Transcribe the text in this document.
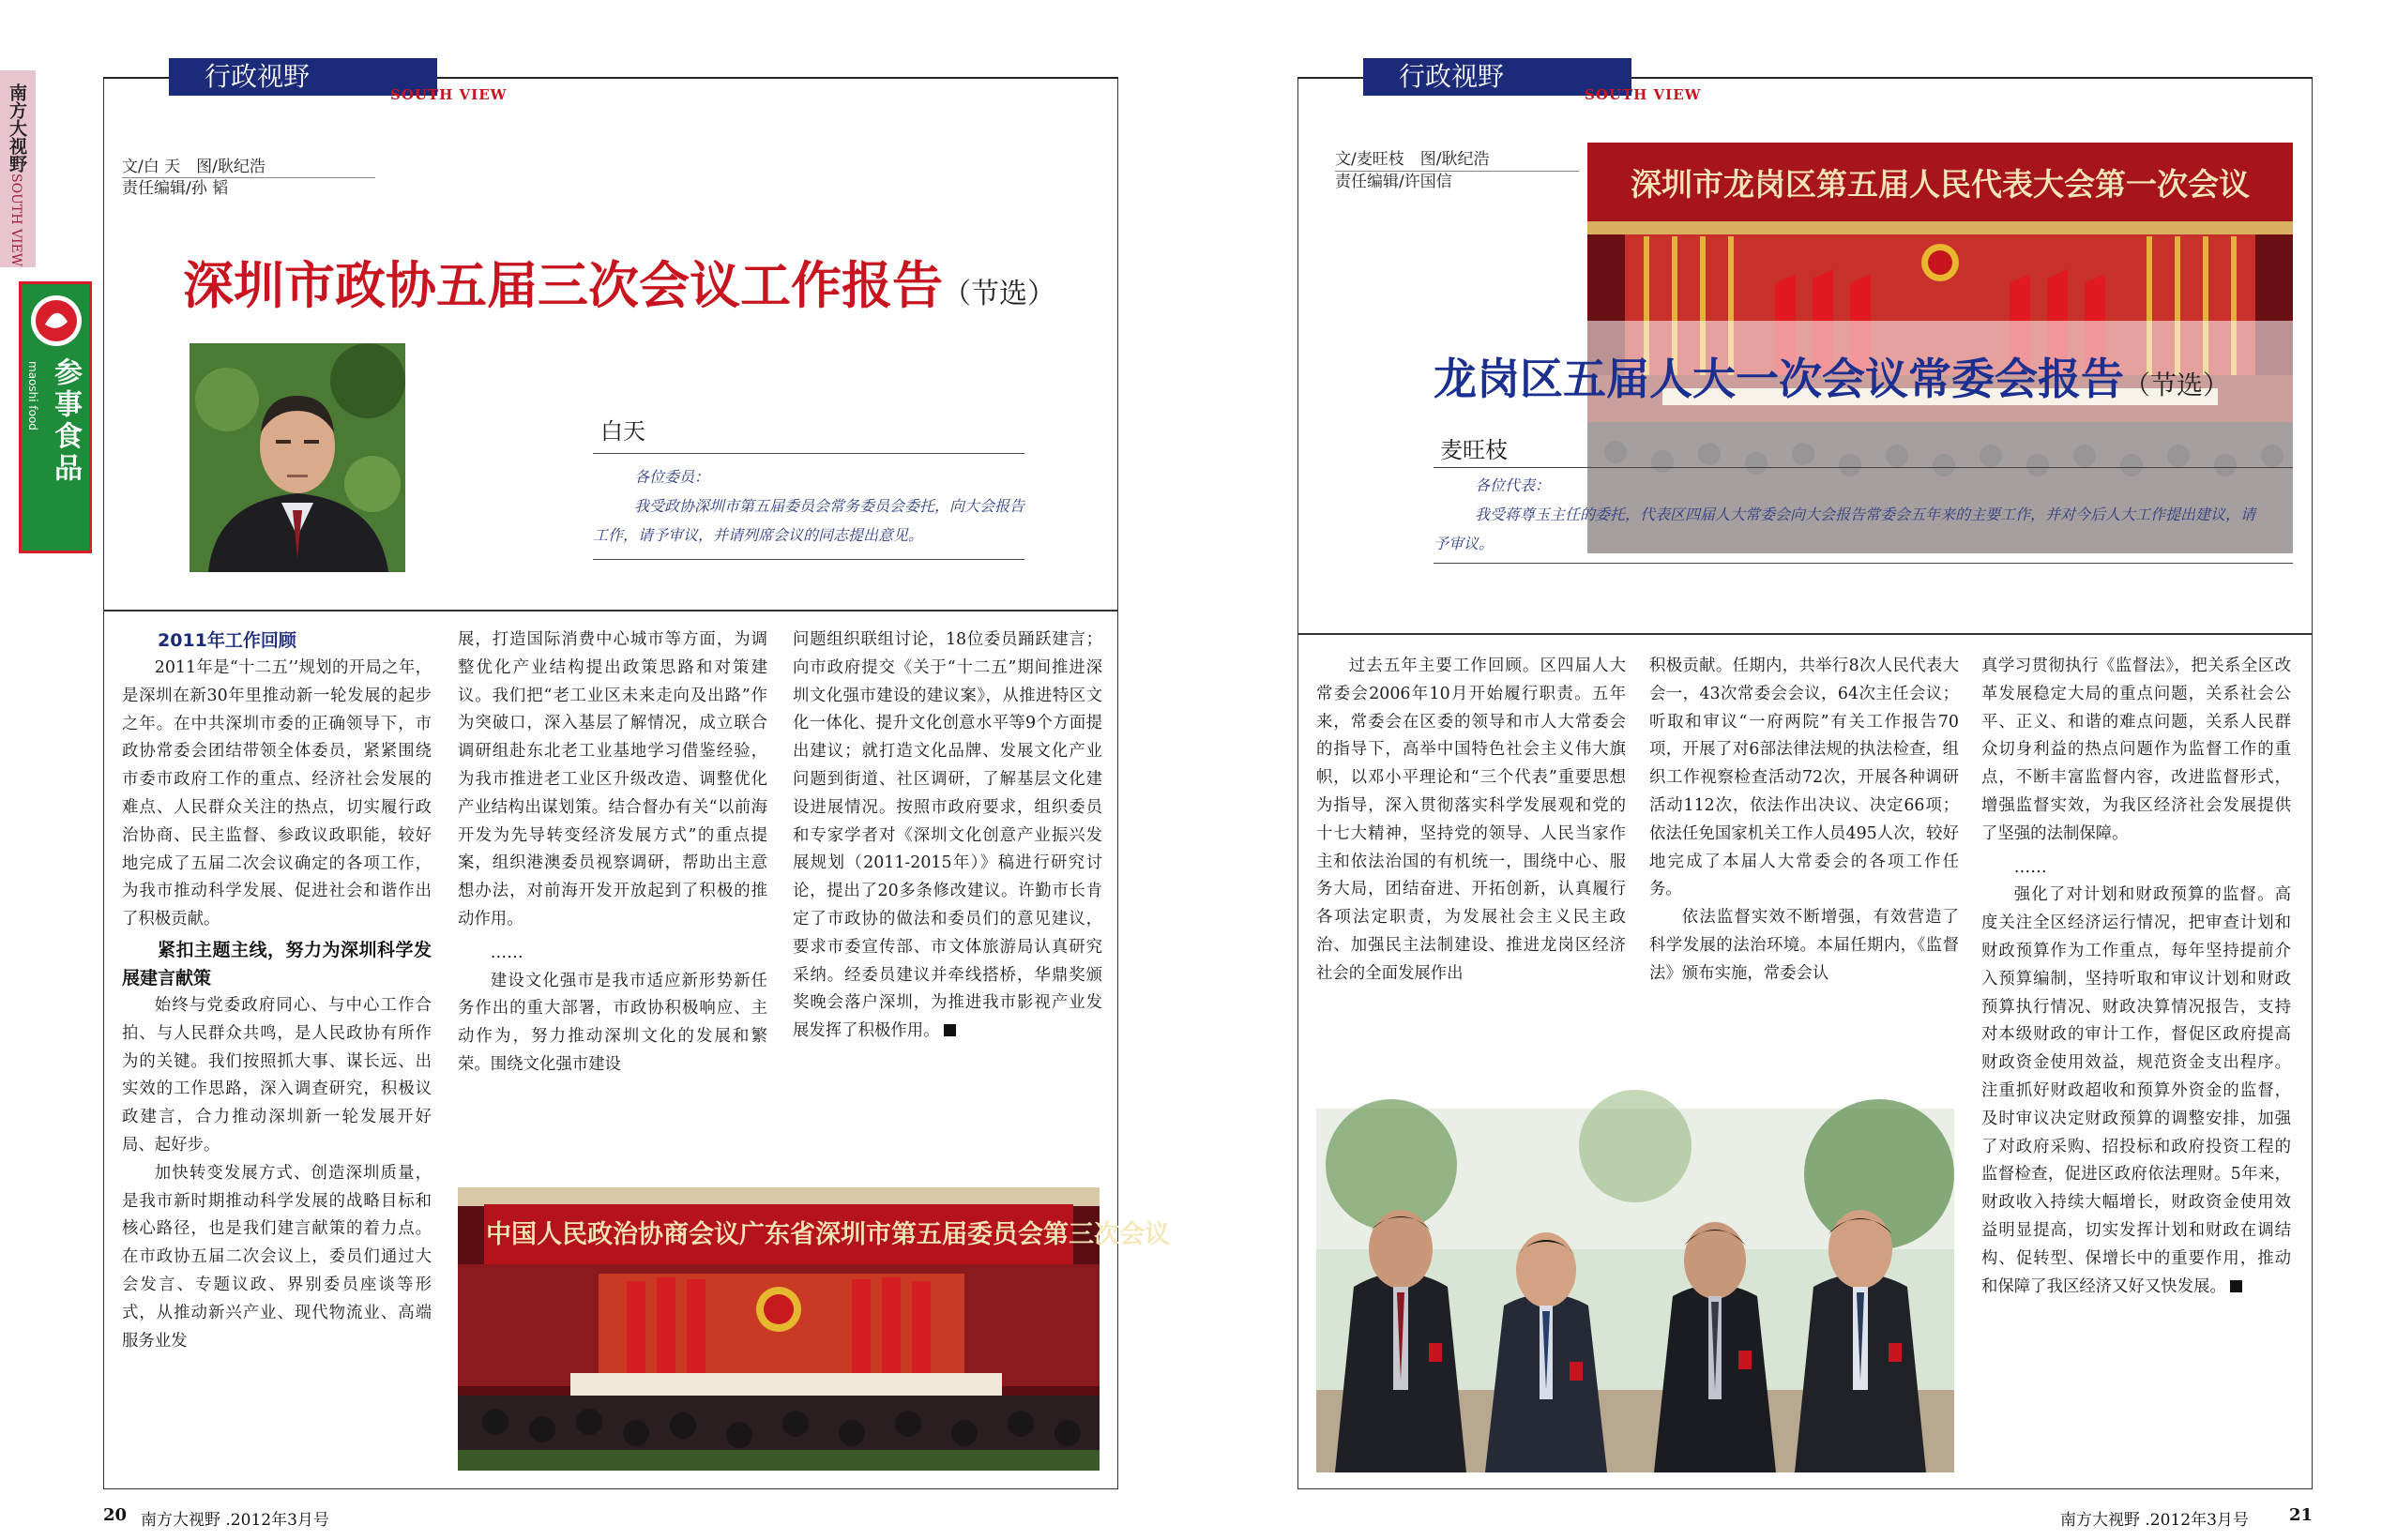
南方大视野
SOUTH VIEW
参事食品
maoshi food
行政视野
SOUTH VIEW
文/白 天　图/耿纪浩
责任编辑/孙 韬
深圳市政协五届三次会议工作报告（节选）
白天

各位委员：

我受政协深圳市第五届委员会常务委员会委托，向大会报告工作，请予审议，并请列席会议的同志提出意见。

2011年工作回顾

2011年是“十二五’’规划的开局之年，是深圳在新30年里推动新一轮发展的起步之年。在中共深圳市委的正确领导下，市政协常委会团结带领全体委员，紧紧围绕市委市政府工作的重点、经济社会发展的难点、人民群众关注的热点，切实履行政治协商、民主监督、参政议政职能，较好地完成了五届二次会议确定的各项工作，为我市推动科学发展、促进社会和谐作出了积极贡献。

紧扣主题主线，努力为深圳科学发展建言献策

始终与党委政府同心、与中心工作合拍、与人民群众共鸣，是人民政协有所作为的关键。我们按照抓大事、谋长远、出实效的工作思路，深入调查研究，积极议政建言，合力推动深圳新一轮发展开好局、起好步。

加快转变发展方式、创造深圳质量，是我市新时期推动科学发展的战略目标和核心路径，也是我们建言献策的着力点。在市政协五届二次会议上，委员们通过大会发言、专题议政、界别委员座谈等形式，从推动新兴产业、现代物流业、高端服务业发

展，打造国际消费中心城市等方面，为调整优化产业结构提出政策思路和对策建议。我们把“老工业区未来走向及出路”作为突破口，深入基层了解情况，成立联合调研组赴东北老工业基地学习借鉴经验，为我市推进老工业区升级改造、调整优化产业结构出谋划策。结合督办有关“以前海开发为先导转变经济发展方式”的重点提案，组织港澳委员视察调研，帮助出主意想办法，对前海开发开放起到了积极的推动作用。

……

建设文化强市是我市适应新形势新任务作出的重大部署，市政协积极响应、主动作为，努力推动深圳文化的发展和繁荣。围绕文化强市建设

问题组织联组讨论，18位委员踊跃建言；向市政府提交《关于“十二五”期间推进深圳文化强市建设的建议案》，从推进特区文化一体化、提升文化创意水平等9个方面提出建议；就打造文化品牌、发展文化产业问题到街道、社区调研，了解基层文化建设进展情况。按照市政府要求，组织委员和专家学者对《深圳文化创意产业振兴发展规划（2011-2015年）》稿进行研究讨论，提出了20多条修改建议。许勤市长肯定了市政协的做法和委员们的意见建议，要求市委宣传部、市文体旅游局认真研究采纳。经委员建议并牵线搭桥，华鼎奖颁奖晚会落户深圳，为推进我市影视产业发展发挥了积极作用。

中国人民政治协商会议广东省深圳市第五届委员会第三次会议
20 南方大视野 .2012年3月号
行政视野
SOUTH VIEW
文/麦旺枝　图/耿纪浩
责任编辑/许国信	深圳市龙岗区第五届人民代表大会第一次会议
龙岗区五届人大一次会议常委会报告（节选）
麦旺枝

各位代表：

我受蒋尊玉主任的委托，代表区四届人大常委会向大会报告常委会五年来的主要工作，并对今后人大工作提出建议，请予审议。

过去五年主要工作回顾。区四届人大常委会2006年10月开始履行职责。五年来，常委会在区委的领导和市人大常委会的指导下，高举中国特色社会主义伟大旗帜，以邓小平理论和“三个代表”重要思想为指导，深入贯彻落实科学发展观和党的十七大精神，坚持党的领导、人民当家作主和依法治国的有机统一，围绕中心、服务大局，团结奋进、开拓创新，认真履行各项法定职责，为发展社会主义民主政治、加强民主法制建设、推进龙岗区经济社会的全面发展作出

积极贡献。任期内，共举行8次人民代表大会一，43次常委会会议，64次主任会议；听取和审议“一府两院”有关工作报告70项，开展了对6部法律法规的执法检查，组织工作视察检查活动72次，开展各种调研活动112次，依法作出决议、决定66项；依法任免国家机关工作人员495人次，较好地完成了本届人大常委会的各项工作任务。

依法监督实效不断增强，有效营造了科学发展的法治环境。本届任期内，《监督法》颁布实施，常委会认

真学习贯彻执行《监督法》，把关系全区改革发展稳定大局的重点问题，关系社会公平、正义、和谐的难点问题，关系人民群众切身利益的热点问题作为监督工作的重点，不断丰富监督内容，改进监督形式，增强监督实效，为我区经济社会发展提供了坚强的法制保障。

……

强化了对计划和财政预算的监督。高度关注全区经济运行情况，把审查计划和财政预算作为工作重点，每年坚持提前介入预算编制，坚持听取和审议计划和财政预算执行情况、财政决算情况报告，支持对本级财政的审计工作，督促区政府提高财政资金使用效益，规范资金支出程序。注重抓好财政超收和预算外资金的监督，及时审议决定财政预算的调整安排，加强了对政府采购、招投标和政府投资工程的监督检查，促进区政府依法理财。5年来，财政收入持续大幅增长，财政资金使用效益明显提高，切实发挥计划和财政在调结构、促转型、保增长中的重要作用，推动和保障了我区经济又好又快发展。

南方大视野 .2012年3月号 21
